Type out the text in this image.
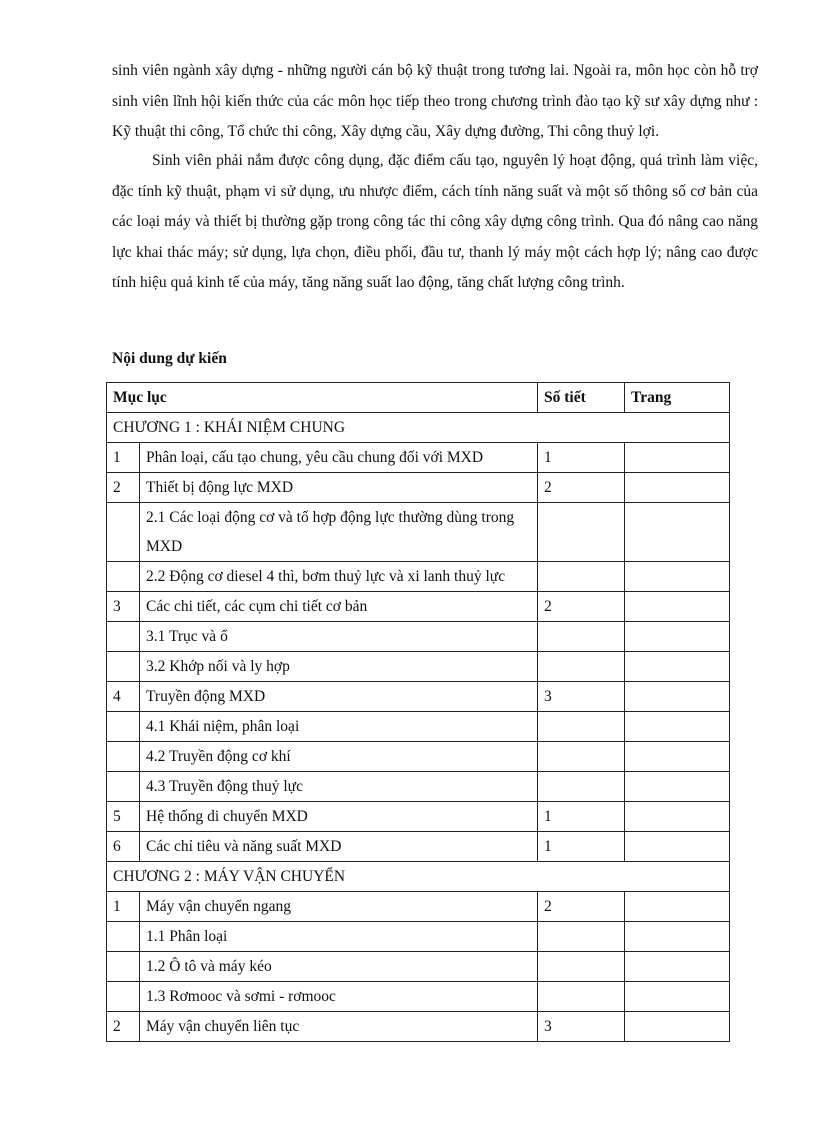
sinh viên ngành xây dựng - những người cán bộ kỹ thuật trong tương lai. Ngoài ra, môn học còn hỗ trợ sinh viên lĩnh hội kiến thức của các môn học tiếp theo trong chương trình đào tạo kỹ sư xây dựng như : Kỹ thuật thi công, Tổ chức thi công, Xây dựng cầu, Xây dựng đường, Thi công thuỷ lợi.

Sinh viên phải nắm được công dụng, đặc điểm cấu tạo, nguyên lý hoạt động, quá trình làm việc, đặc tính kỹ thuật, phạm vi sử dụng, ưu nhược điểm, cách tính năng suất và một số thông số cơ bản của các loại máy và thiết bị thường gặp trong công tác thi công xây dựng công trình. Qua đó nâng cao năng lực khai thác máy; sử dụng, lựa chọn, điều phối, đầu tư, thanh lý máy một cách hợp lý; nâng cao được tính hiệu quả kinh tế của máy, tăng năng suất lao động, tăng chất lượng công trình.

Nội dung dự kiến

Mục lục		Số tiết	Trang
CHƯƠNG 1 : KHÁI NIỆM CHUNG			
1	Phân loại, cấu tạo chung, yêu cầu chung đối với MXD	1	
2	Thiết bị động lực MXD	2	
	2.1 Các loại động cơ và tổ hợp động lực thường dùng trong MXD		
	2.2 Động cơ diesel 4 thì, bơm thuỷ lực và xi lanh thuỷ lực		
3	Các chi tiết, các cụm chi tiết cơ bản	2	
	3.1 Trục và ổ		
	3.2 Khớp nối và ly hợp		
4	Truyền động MXD	3	
	4.1 Khái niệm, phân loại		
	4.2 Truyền động cơ khí		
	4.3 Truyền động thuỷ lực		
5	Hệ thống di chuyển MXD	1	
6	Các chỉ tiêu và năng suất MXD	1	
CHƯƠNG 2 : MÁY VẬN CHUYỂN			
1	Máy vận chuyển ngang	2	
	1.1 Phân loại		
	1.2 Ô tô và máy kéo		
	1.3 Rơmooc và sơmi - rơmooc		
2	Máy vận chuyển liên tục	3	
